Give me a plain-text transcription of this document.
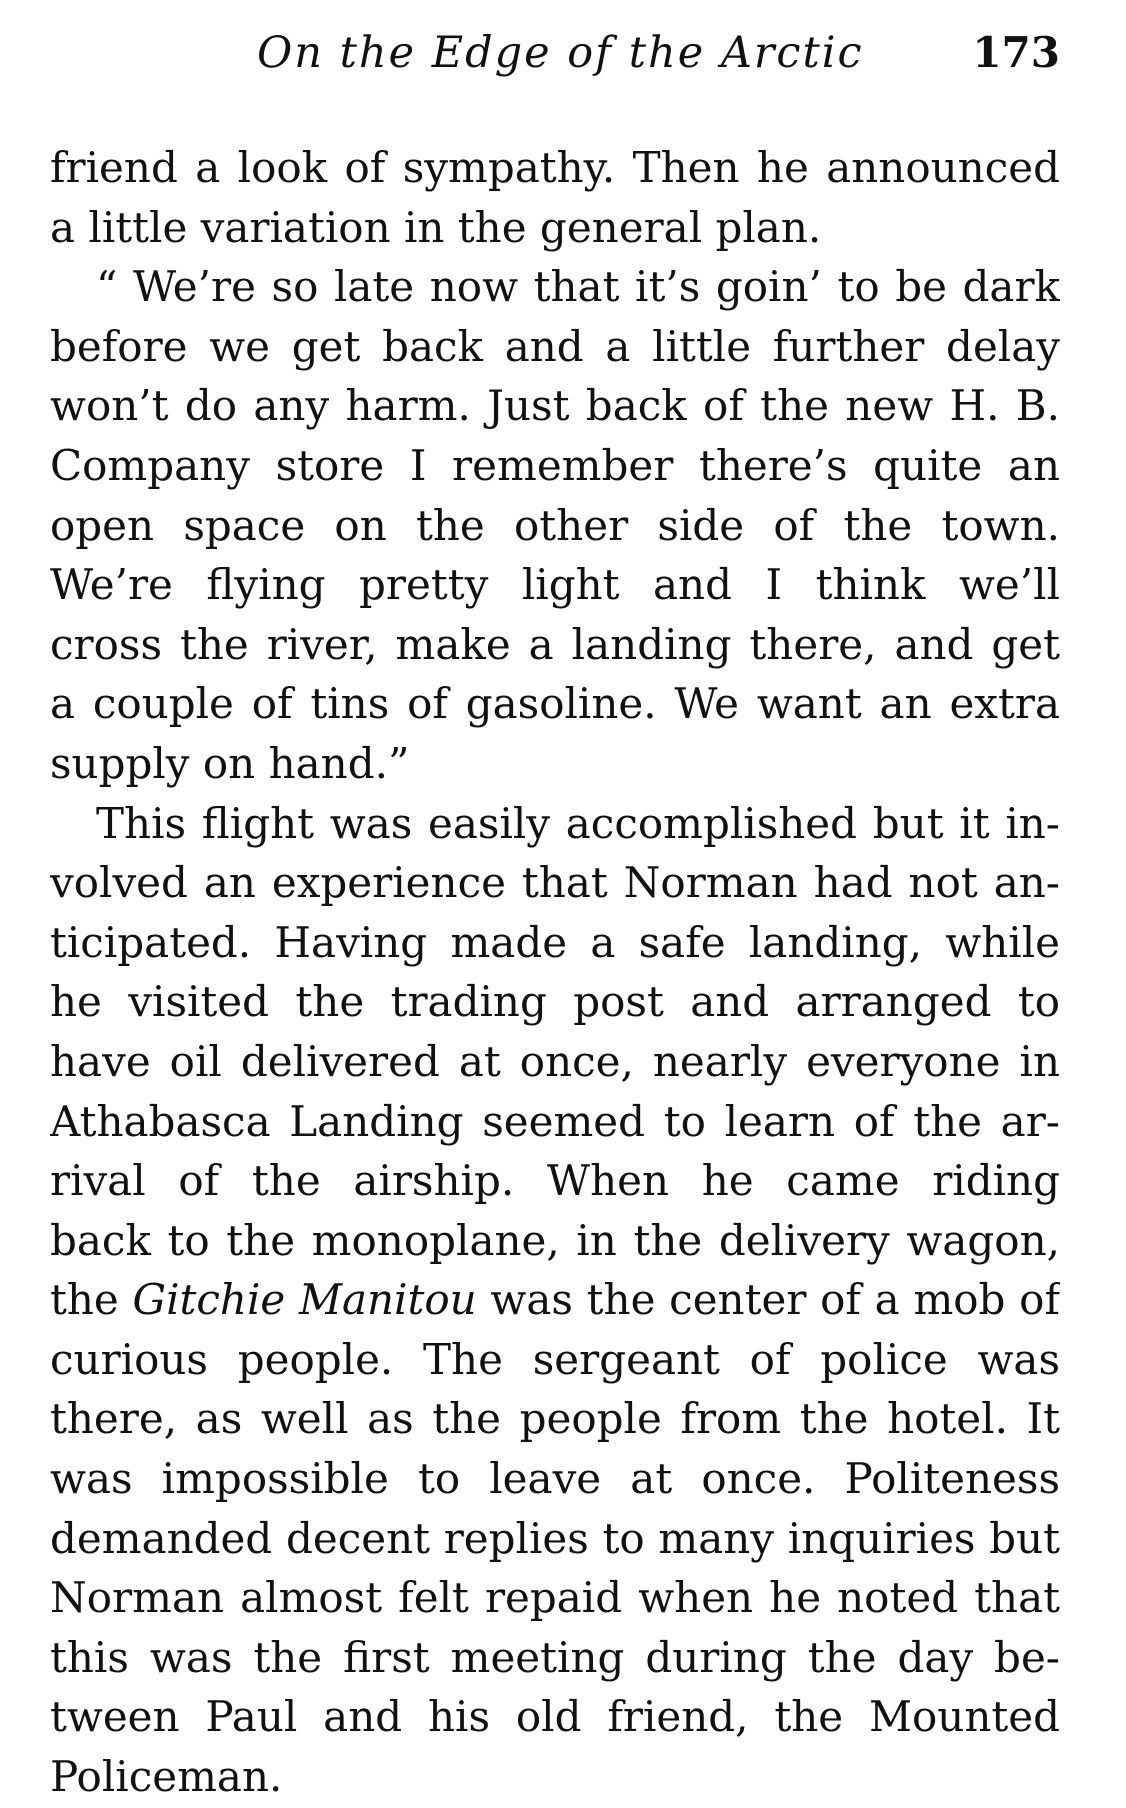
On the Edge of the Arctic	173
friend a look of sympathy. Then he announced
a little variation in the general plan.
“ We’re so late now that it’s goin’ to be dark
before we get back and a little further delay
won’t do any harm. Just back of the new H. B.
Company store I remember there’s quite an
open space on the other side of the town.
We’re flying pretty light and I think we’ll
cross the river, make a landing there, and get
a couple of tins of gasoline. We want an extra
supply on hand.”
This flight was easily accomplished but it in-
volved an experience that Norman had not an-
ticipated. Having made a safe landing, while
he visited the trading post and arranged to
have oil delivered at once, nearly everyone in
Athabasca Landing seemed to learn of the ar-
rival of the airship. When he came riding
back to the monoplane, in the delivery wagon,
the Gitchie Manitou was the center of a mob of
curious people. The sergeant of police was
there, as well as the people from the hotel. It
was impossible to leave at once. Politeness
demanded decent replies to many inquiries but
Norman almost felt repaid when he noted that
this was the first meeting during the day be-
tween Paul and his old friend, the Mounted
Policeman.
